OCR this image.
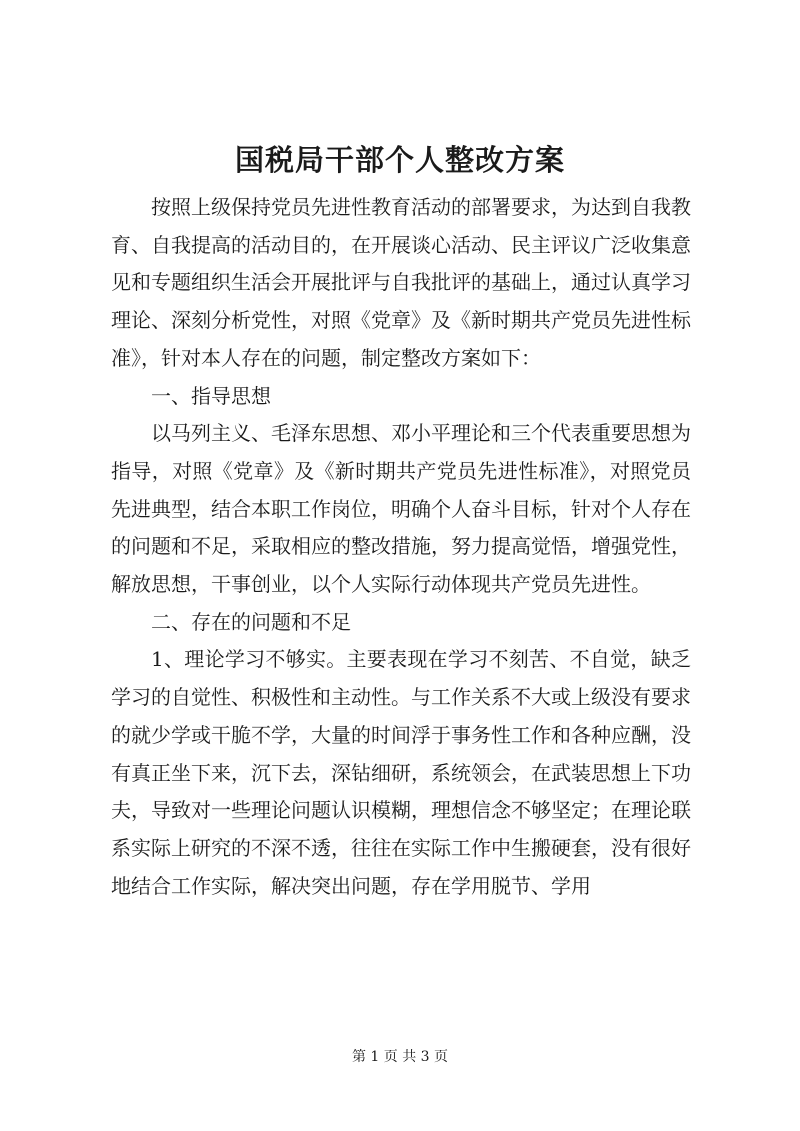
国税局干部个人整改方案

按照上级保持党员先进性教育活动的部署要求，为达到自我教育、自我提高的活动目的，在开展谈心活动、民主评议广泛收集意见和专题组织生活会开展批评与自我批评的基础上，通过认真学习理论、深刻分析党性，对照《党章》及《新时期共产党员先进性标准》，针对本人存在的问题，制定整改方案如下：

一、指导思想

以马列主义、毛泽东思想、邓小平理论和三个代表重要思想为指导，对照《党章》及《新时期共产党员先进性标准》，对照党员先进典型，结合本职工作岗位，明确个人奋斗目标，针对个人存在的问题和不足，采取相应的整改措施，努力提高觉悟，增强党性，解放思想，干事创业，以个人实际行动体现共产党员先进性。

二、存在的问题和不足

1、理论学习不够实。主要表现在学习不刻苦、不自觉，缺乏学习的自觉性、积极性和主动性。与工作关系不大或上级没有要求的就少学或干脆不学，大量的时间浮于事务性工作和各种应酬，没有真正坐下来，沉下去，深钻细研，系统领会，在武装思想上下功夫，导致对一些理论问题认识模糊，理想信念不够坚定；在理论联系实际上研究的不深不透，往往在实际工作中生搬硬套，没有很好地结合工作实际，解决突出问题，存在学用脱节、学用

第 1 页 共 3 页
